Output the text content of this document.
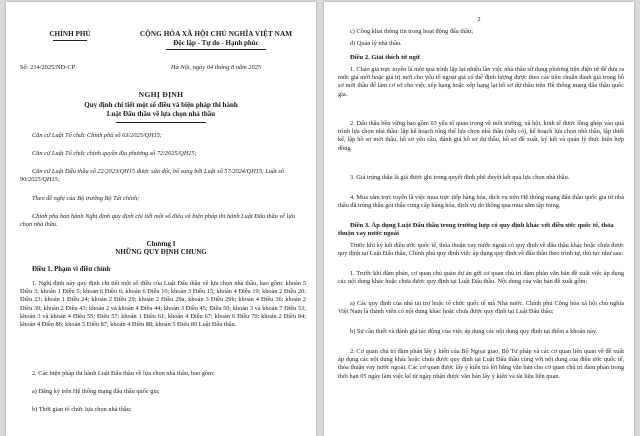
CHÍNH PHỦ
Số: 214/2025/NĐ-CP
CỘNG HÒA XÃ HỘI CHỦ NGHĨA VIỆT NAM
Độc lập - Tự do - Hạnh phúc
Hà Nội, ngày 04 tháng 8 năm 2025
NGHỊ ĐỊNH
Quy định chi tiết một số điều và biện pháp thi hành
Luật Đấu thầu về lựa chọn nhà thầu
Căn cứ Luật Tổ chức Chính phủ số 63/2025/QH15;
Căn cứ Luật Tổ chức chính quyền địa phương số 72/2025/QH15;
Căn cứ Luật Đấu thầu số 22/2023/QH15 được sửa đổi, bổ sung bởi Luật số 57/2024/QH15, Luật số 90/2025/QH15;
Theo đề nghị của Bộ trưởng Bộ Tài chính;
Chính phủ ban hành Nghị định quy định chi tiết một số điều và biện pháp thi hành Luật Đấu thầu về lựa chọn nhà thầu.
Chương I
NHỮNG QUY ĐỊNH CHUNG
Điều 1. Phạm vi điều chỉnh
1. Nghị định này quy định chi tiết một số điều của Luật Đấu thầu về lựa chọn nhà thầu, bao gồm: khoản 5 Điều 3; khoản 1 Điều 5; khoản 6 Điều 6; khoản 6 Điều 10; khoản 3 Điều 15; khoản 4 Điều 19; khoản 2 Điều 20; Điều 23; khoản 1 Điều 24; khoản 2 Điều 29; khoản 2 Điều 29a; khoản 3 Điều 29b; khoản 4 Điều 36; khoản 2 Điều 39; khoản 2 Điều 43; khoản 2 và khoản 4 Điều 44; khoản 3 Điều 45; Điều 50; khoản 3 và khoản 7 Điều 53; khoản 3 và khoản 4 Điều 55; Điều 57; khoản 1 Điều 61; khoản 4 Điều 67; khoản 6 Điều 70; khoản 2 Điều 84; khoản 4 Điều 86; khoản 5 Điều 87; khoản 4 Điều 88; khoản 5 Điều 89 Luật Đấu thầu.
2. Các biện pháp thi hành Luật Đấu thầu về lựa chọn nhà thầu, bao gồm:
a) Đăng ký trên Hệ thống mạng đấu thầu quốc gia;
b) Thời gian tổ chức lựa chọn nhà thầu;
2
c) Công khai thông tin trong hoạt động đấu thầu;
d) Quản lý nhà thầu.
Điều 2. Giải thích từ ngữ
1. Chào giá trực tuyến là một quá trình lặp lại nhiều lần việc nhà thầu sử dụng phương tiện điện tử để đưa ra mức giá mới hoặc giá trị mới cho yếu tố ngoài giá có thể định lượng được theo các tiêu chuẩn đánh giá trong hồ sơ mời thầu để làm cơ sở cho việc xếp hạng hoặc xếp hạng lại hồ sơ dự thầu trên Hệ thống mạng đấu thầu quốc gia.
2. Đấu thầu bền vững bao gồm 03 yếu tố quan trọng về môi trường, xã hội, kinh tế được lồng ghép vào quá trình lựa chọn nhà thầu: lập kế hoạch tổng thể lựa chọn nhà thầu (nếu có), kế hoạch lựa chọn nhà thầu, lập thiết kế, lập hồ sơ mời thầu, hồ sơ yêu cầu, đánh giá hồ sơ dự thầu, hồ sơ đề xuất, ký kết và quản lý thực hiện hợp đồng.
3. Giá trúng thầu là giá được ghi trong quyết định phê duyệt kết quả lựa chọn nhà thầu.
4. Mua sắm trực tuyến là việc mua trực tiếp hàng hóa, dịch vụ trên Hệ thống mạng đấu thầu quốc gia từ nhà thầu đã trúng thầu gói thầu cung cấp hàng hóa, dịch vụ do thông qua mua sắm tập trung.
Điều 3. Áp dụng Luật Đấu thầu trong trường hợp có quy định khác với điều ước quốc tế, thỏa thuận vay nước ngoài
Trước khi ký kết điều ước quốc tế, thỏa thuận vay nước ngoài có quy định về đấu thầu khác hoặc chưa được quy định tại Luật Đấu thầu, Chính phủ quy định việc áp dụng quy định về đấu thầu theo trình tự, thủ tục như sau:
1. Trước khi đàm phán, cơ quan chủ quản dự án gửi cơ quan chủ trì đàm phán văn bản đề xuất việc áp dụng các nội dung khác hoặc chưa được quy định tại Luật Đấu thầu. Nội dung của văn bản đề xuất gồm:
a) Các quy định của nhà tài trợ hoặc tổ chức quốc tế mà Nhà nước, Chính phủ Cộng hòa xã hội chủ nghĩa Việt Nam là thành viên có nội dung khác hoặc chưa được quy định tại Luật Đấu thầu;
b) Sự cần thiết và đánh giá tác động của việc áp dụng các nội dung quy định tại điểm a khoản này.
2. Cơ quan chủ trì đàm phán lấy ý kiến của Bộ Ngoại giao, Bộ Tư pháp và các cơ quan liên quan về đề xuất áp dụng các nội dung khác hoặc chưa được quy định tại Luật Đấu thầu cùng với nội dung của điều ước quốc tế, thỏa thuận vay nước ngoài. Các cơ quan được lấy ý kiến trả lời bằng văn bản cho cơ quan chủ trì đàm phán trong thời hạn 05 ngày làm việc kể từ ngày nhận được văn bản lấy ý kiến và tài liệu liên quan.
